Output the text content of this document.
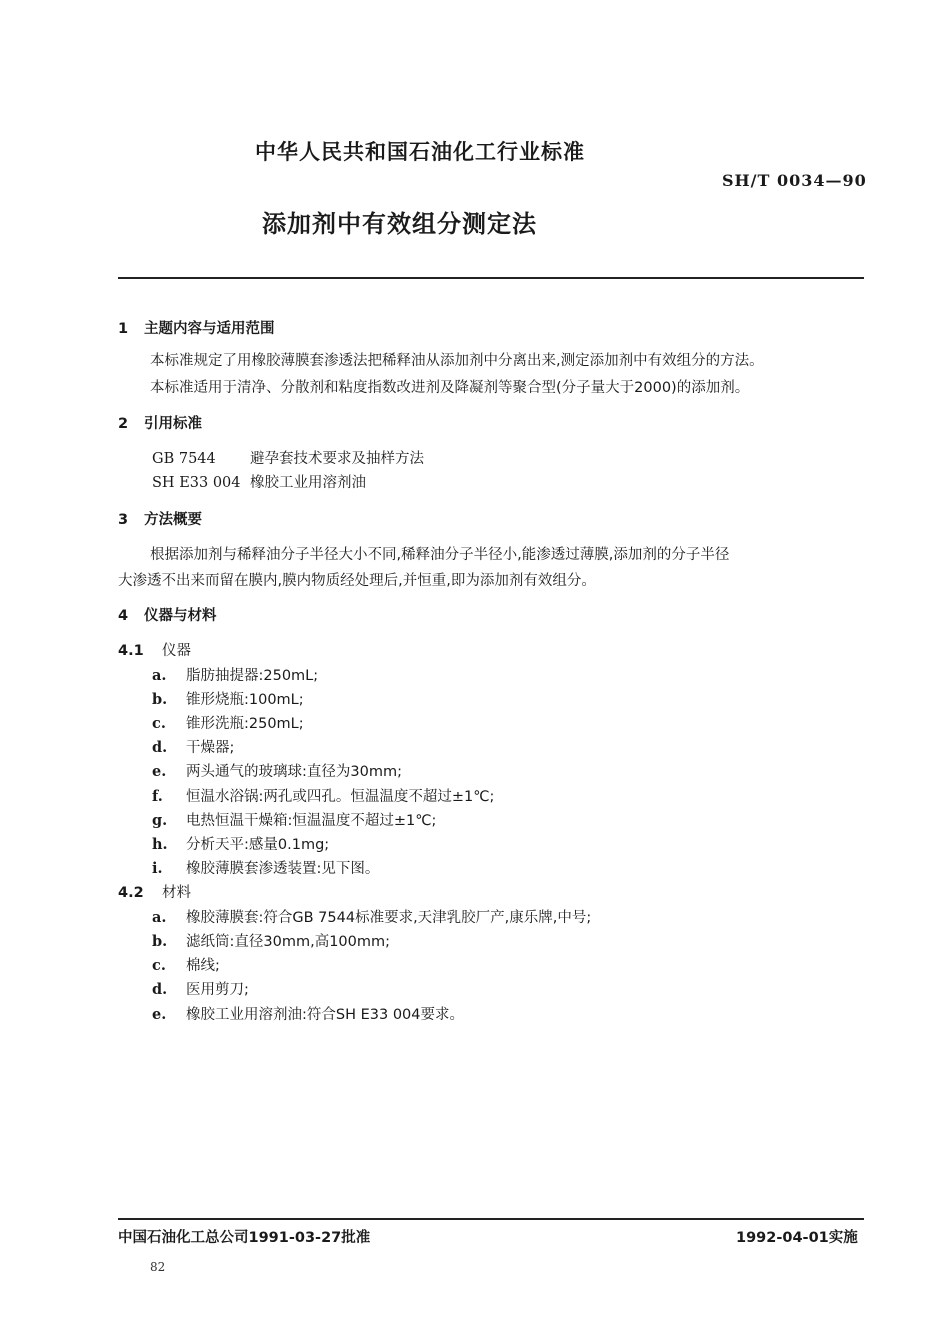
中华人民共和国石油化工行业标准
SH/T 0034—90
添加剂中有效组分测定法
1 主题内容与适用范围
本标准规定了用橡胶薄膜套渗透法把稀释油从添加剂中分离出来,测定添加剂中有效组分的方法。
本标准适用于清净、分散剂和粘度指数改进剂及降凝剂等聚合型(分子量大于2000)的添加剂。
2 引用标准
GB 7544 避孕套技术要求及抽样方法
SH E33 004 橡胶工业用溶剂油
3 方法概要
根据添加剂与稀释油分子半径大小不同,稀释油分子半径小,能渗透过薄膜,添加剂的分子半径
大渗透不出来而留在膜内,膜内物质经处理后,并恒重,即为添加剂有效组分。
4 仪器与材料
4.1 仪器
a. 脂肪抽提器:250mL;
b. 锥形烧瓶:100mL;
c. 锥形洗瓶:250mL;
d. 干燥器;
e. 两头通气的玻璃球:直径为30mm;
f. 恒温水浴锅:两孔或四孔。恒温温度不超过±1℃;
g. 电热恒温干燥箱:恒温温度不超过±1℃;
h. 分析天平:感量0.1mg;
i. 橡胶薄膜套渗透装置:见下图。
4.2 材料
a. 橡胶薄膜套:符合GB 7544标准要求,天津乳胶厂产,康乐牌,中号;
b. 滤纸筒:直径30mm,高100mm;
c. 棉线;
d. 医用剪刀;
e. 橡胶工业用溶剂油:符合SH E33 004要求。
中国石油化工总公司1991-03-27批准	1992-04-01实施
82
